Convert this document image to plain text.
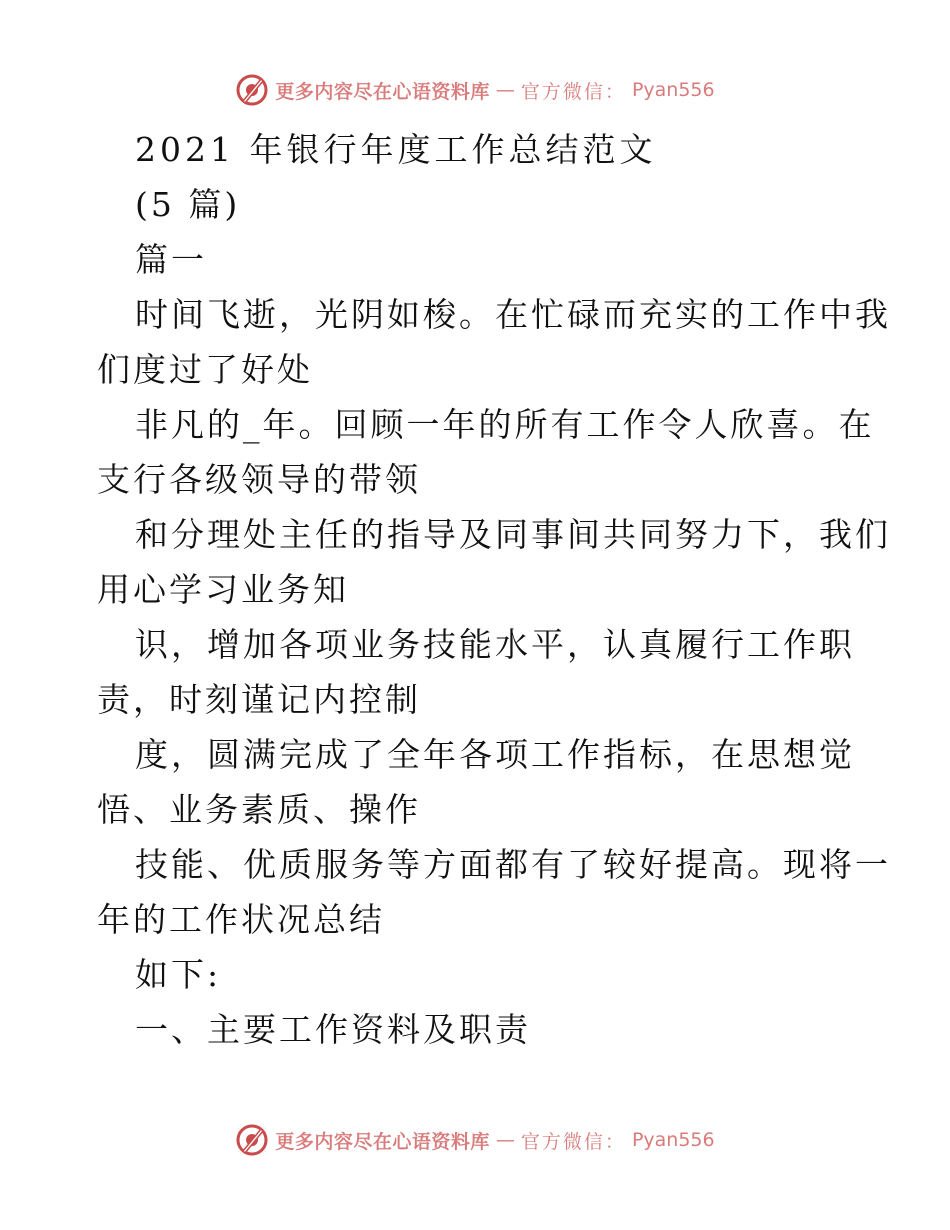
更多内容尽在心语资料库 — 官方微信： Pyan556
2021 年银行年度工作总结范文
(5 篇)
篇一
时间飞逝，光阴如梭。在忙碌而充实的工作中我
们度过了好处
非凡的_年。回顾一年的所有工作令人欣喜。在
支行各级领导的带领
和分理处主任的指导及同事间共同努力下，我们
用心学习业务知
识，增加各项业务技能水平，认真履行工作职
责，时刻谨记内控制
度，圆满完成了全年各项工作指标，在思想觉
悟、业务素质、操作
技能、优质服务等方面都有了较好提高。现将一
年的工作状况总结
如下:
一、主要工作资料及职责
更多内容尽在心语资料库 — 官方微信： Pyan556
